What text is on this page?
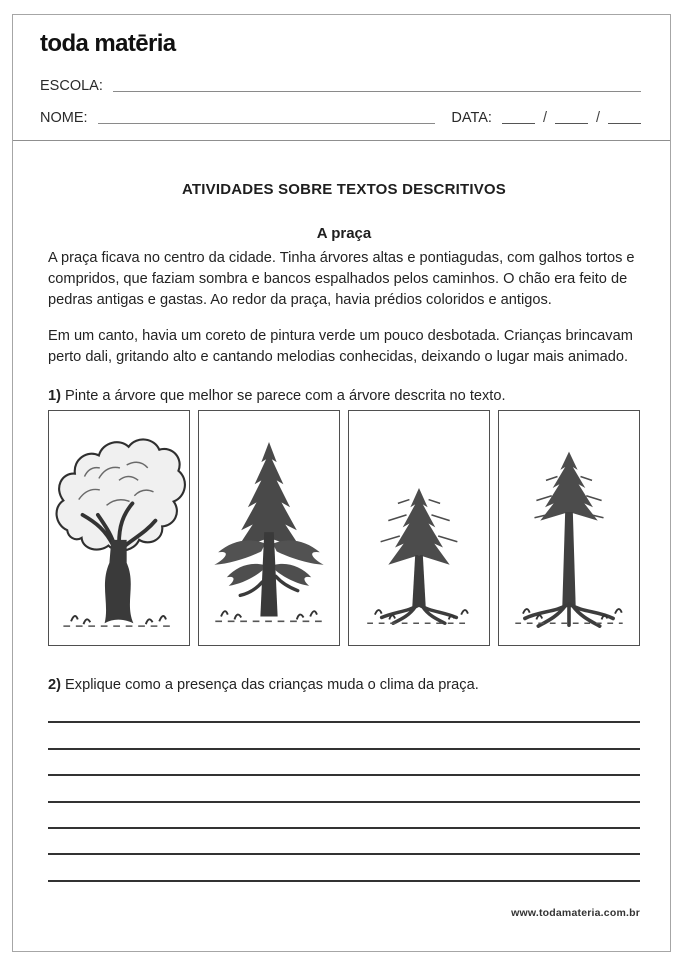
toda matēria
ESCOLA:
NOME:	DATA:	/	/
ATIVIDADES SOBRE TEXTOS DESCRITIVOS
A praça

A praça ficava no centro da cidade. Tinha árvores altas e pontiagudas, com galhos tortos e compridos, que faziam sombra e bancos espalhados pelos caminhos. O chão era feito de pedras antigas e gastas. Ao redor da praça, havia prédios coloridos e antigos.

Em um canto, havia um coreto de pintura verde um pouco desbotada. Crianças brincavam perto dali, gritando alto e cantando melodias conhecidas, deixando o lugar mais animado.

1) Pinte a árvore que melhor se parece com a árvore descrita no texto.

2) Explique como a presença das crianças muda o clima da praça.

www.todamateria.com.br
